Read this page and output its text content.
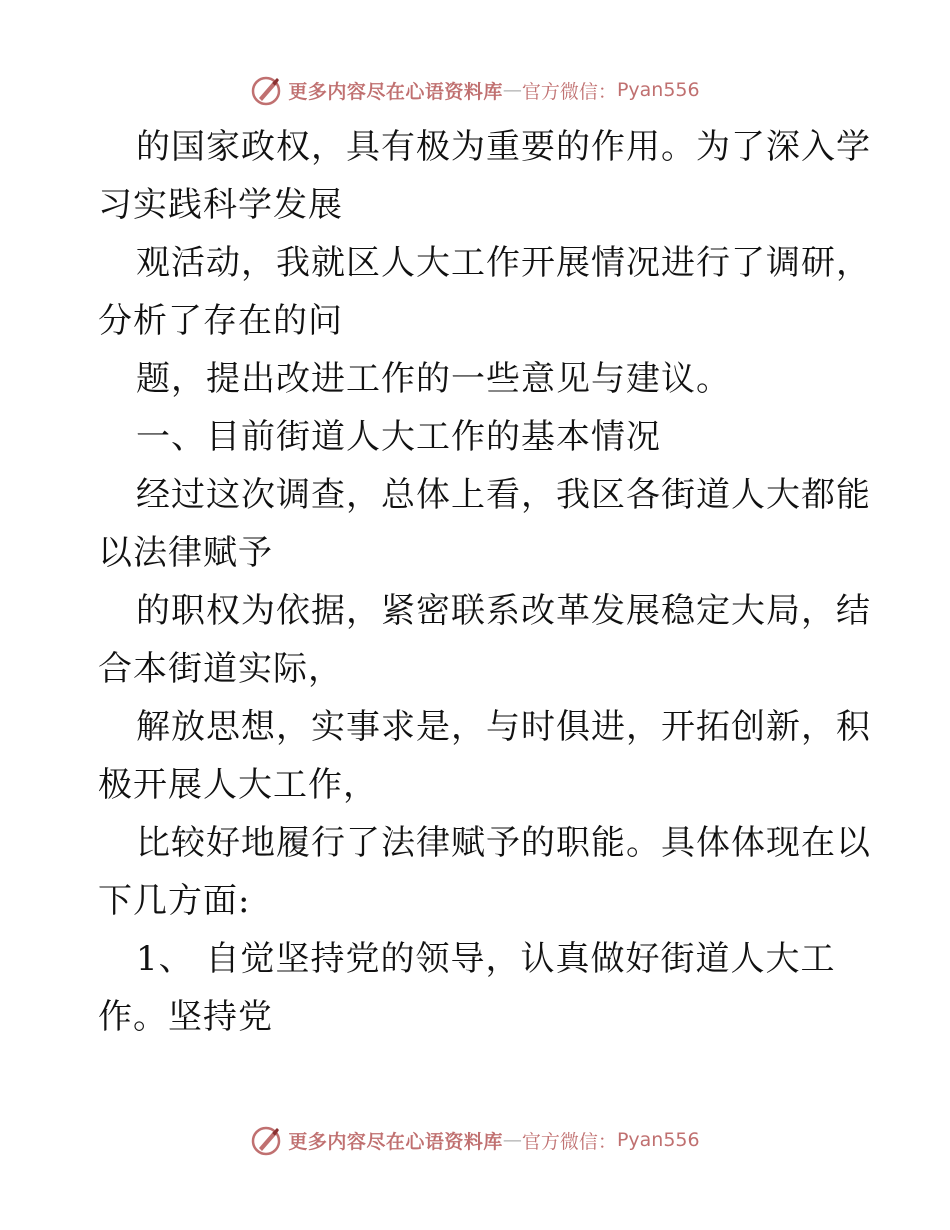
更多内容尽在心语资料库 — 官方微信： Pyan556
的国家政权，具有极为重要的作用。为了深入学
习实践科学发展
观活动，我就区人大工作开展情况进行了调研，
分析了存在的问
题，提出改进工作的一些意见与建议。
一、目前街道人大工作的基本情况
经过这次调查，总体上看，我区各街道人大都能
以法律赋予
的职权为依据，紧密联系改革发展稳定大局，结
合本街道实际，
解放思想，实事求是，与时俱进，开拓创新，积
极开展人大工作，
比较好地履行了法律赋予的职能。具体体现在以
下几方面:
1、 自觉坚持党的领导，认真做好街道人大工
作。坚持党
更多内容尽在心语资料库 — 官方微信： Pyan556
